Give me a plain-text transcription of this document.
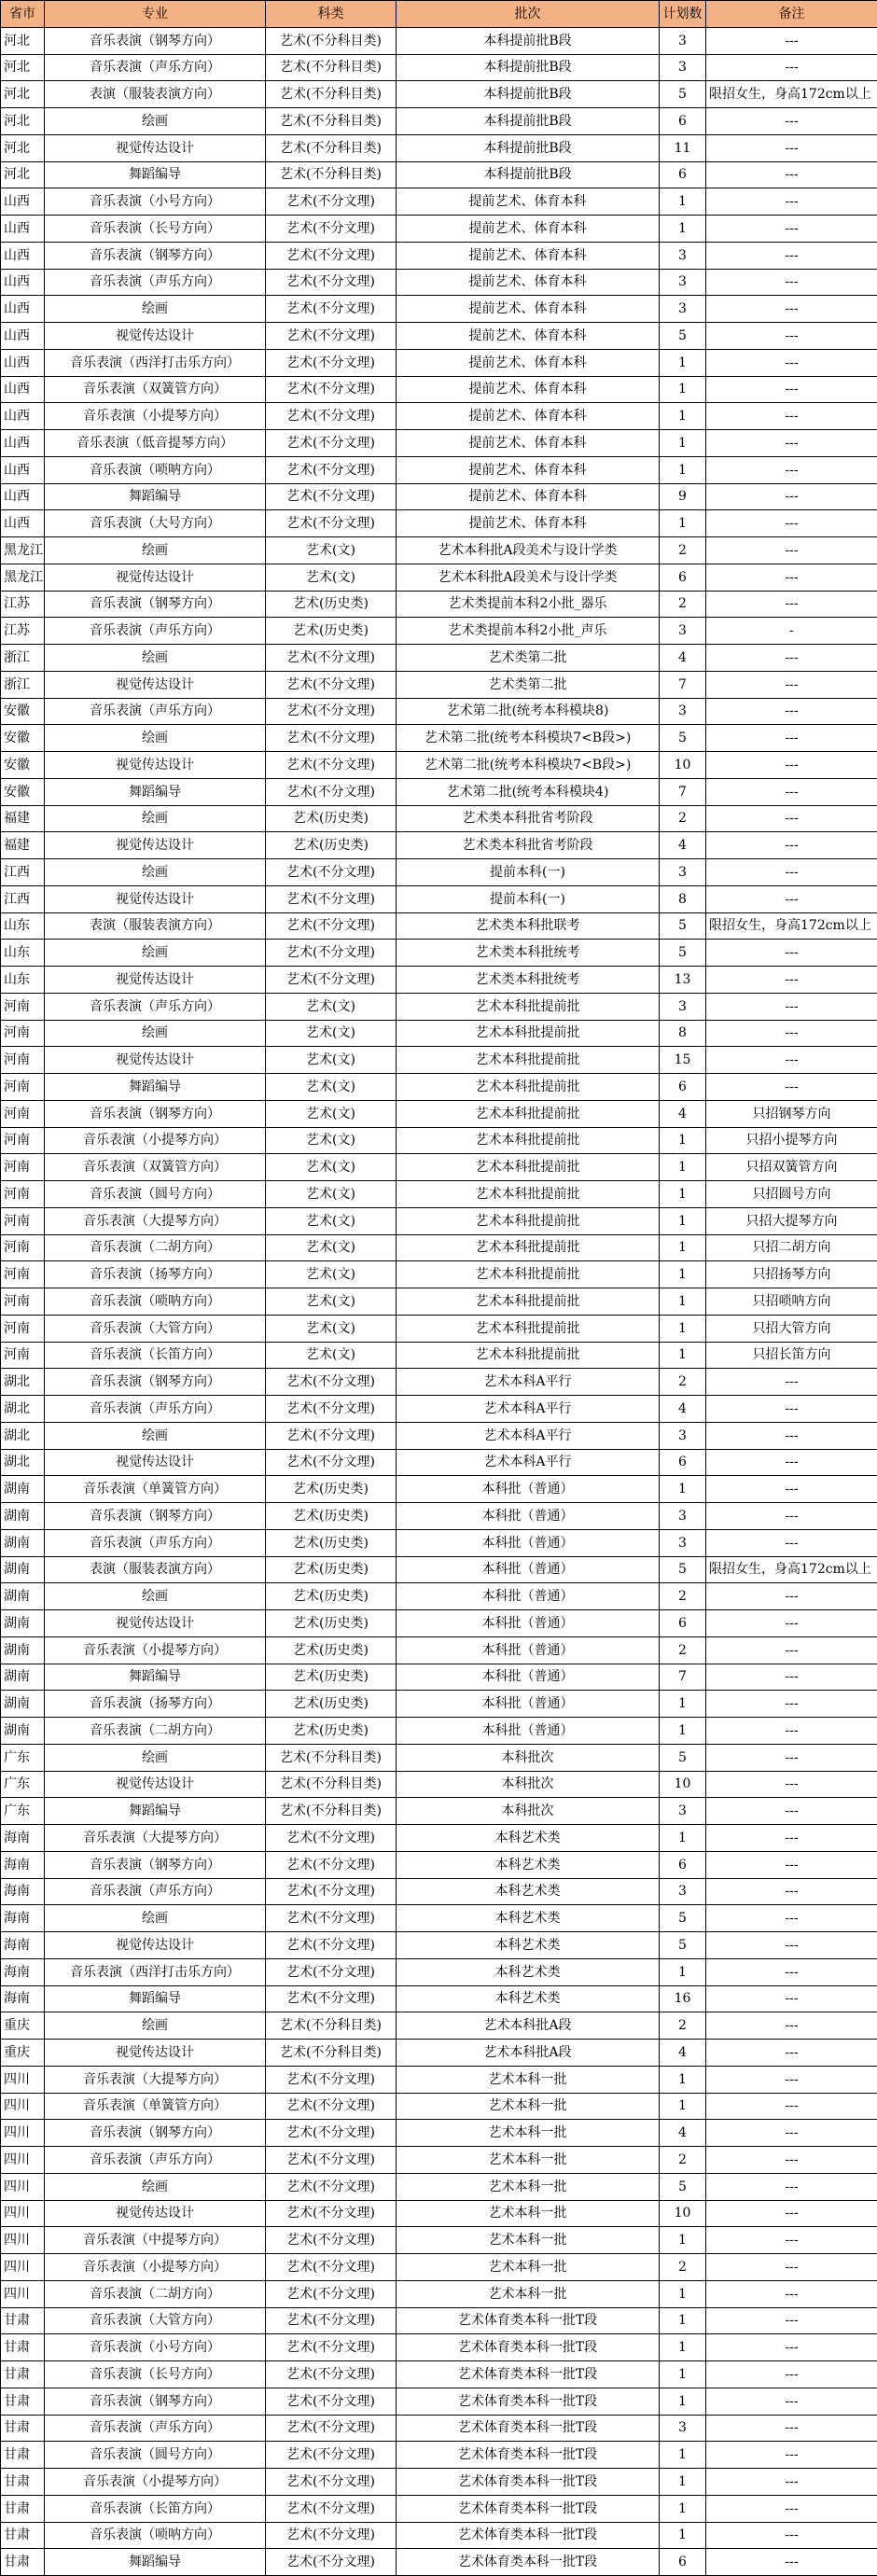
省市	专业	科类	批次	计划数	备注
河北	音乐表演（钢琴方向）	艺术(不分科目类)	本科提前批B段	3	---
河北	音乐表演（声乐方向）	艺术(不分科目类)	本科提前批B段	3	---
河北	表演（服装表演方向）	艺术(不分科目类)	本科提前批B段	5	限招女生，身高172cm以上
河北	绘画	艺术(不分科目类)	本科提前批B段	6	---
河北	视觉传达设计	艺术(不分科目类)	本科提前批B段	11	---
河北	舞蹈编导	艺术(不分科目类)	本科提前批B段	6	---
山西	音乐表演（小号方向）	艺术(不分文理)	提前艺术、体育本科	1	---
山西	音乐表演（长号方向）	艺术(不分文理)	提前艺术、体育本科	1	---
山西	音乐表演（钢琴方向）	艺术(不分文理)	提前艺术、体育本科	3	---
山西	音乐表演（声乐方向）	艺术(不分文理)	提前艺术、体育本科	3	---
山西	绘画	艺术(不分文理)	提前艺术、体育本科	3	---
山西	视觉传达设计	艺术(不分文理)	提前艺术、体育本科	5	---
山西	音乐表演（西洋打击乐方向）	艺术(不分文理)	提前艺术、体育本科	1	---
山西	音乐表演（双簧管方向）	艺术(不分文理)	提前艺术、体育本科	1	---
山西	音乐表演（小提琴方向）	艺术(不分文理)	提前艺术、体育本科	1	---
山西	音乐表演（低音提琴方向）	艺术(不分文理)	提前艺术、体育本科	1	---
山西	音乐表演（唢呐方向）	艺术(不分文理)	提前艺术、体育本科	1	---
山西	舞蹈编导	艺术(不分文理)	提前艺术、体育本科	9	---
山西	音乐表演（大号方向）	艺术(不分文理)	提前艺术、体育本科	1	---
黑龙江	绘画	艺术(文)	艺术本科批A段美术与设计学类	2	---
黑龙江	视觉传达设计	艺术(文)	艺术本科批A段美术与设计学类	6	---
江苏	音乐表演（钢琴方向）	艺术(历史类)	艺术类提前本科2小批_器乐	2	---
江苏	音乐表演（声乐方向）	艺术(历史类)	艺术类提前本科2小批_声乐	3	-
浙江	绘画	艺术(不分文理)	艺术类第二批	4	---
浙江	视觉传达设计	艺术(不分文理)	艺术类第二批	7	---
安徽	音乐表演（声乐方向）	艺术(不分文理)	艺术第二批(统考本科模块8)	3	---
安徽	绘画	艺术(不分文理)	艺术第二批(统考本科模块7<B段>)	5	---
安徽	视觉传达设计	艺术(不分文理)	艺术第二批(统考本科模块7<B段>)	10	---
安徽	舞蹈编导	艺术(不分文理)	艺术第二批(统考本科模块4)	7	---
福建	绘画	艺术(历史类)	艺术类本科批省考阶段	2	---
福建	视觉传达设计	艺术(历史类)	艺术类本科批省考阶段	4	---
江西	绘画	艺术(不分文理)	提前本科(一)	3	---
江西	视觉传达设计	艺术(不分文理)	提前本科(一)	8	---
山东	表演（服装表演方向）	艺术(不分文理)	艺术类本科批联考	5	限招女生，身高172cm以上
山东	绘画	艺术(不分文理)	艺术类本科批统考	5	---
山东	视觉传达设计	艺术(不分文理)	艺术类本科批统考	13	---
河南	音乐表演（声乐方向）	艺术(文)	艺术本科批提前批	3	---
河南	绘画	艺术(文)	艺术本科批提前批	8	---
河南	视觉传达设计	艺术(文)	艺术本科批提前批	15	---
河南	舞蹈编导	艺术(文)	艺术本科批提前批	6	---
河南	音乐表演（钢琴方向）	艺术(文)	艺术本科批提前批	4	只招钢琴方向
河南	音乐表演（小提琴方向）	艺术(文)	艺术本科批提前批	1	只招小提琴方向
河南	音乐表演（双簧管方向）	艺术(文)	艺术本科批提前批	1	只招双簧管方向
河南	音乐表演（圆号方向）	艺术(文)	艺术本科批提前批	1	只招圆号方向
河南	音乐表演（大提琴方向）	艺术(文)	艺术本科批提前批	1	只招大提琴方向
河南	音乐表演（二胡方向）	艺术(文)	艺术本科批提前批	1	只招二胡方向
河南	音乐表演（扬琴方向）	艺术(文)	艺术本科批提前批	1	只招扬琴方向
河南	音乐表演（唢呐方向）	艺术(文)	艺术本科批提前批	1	只招唢呐方向
河南	音乐表演（大管方向）	艺术(文)	艺术本科批提前批	1	只招大管方向
河南	音乐表演（长笛方向）	艺术(文)	艺术本科批提前批	1	只招长笛方向
湖北	音乐表演（钢琴方向）	艺术(不分文理)	艺术本科A平行	2	---
湖北	音乐表演（声乐方向）	艺术(不分文理)	艺术本科A平行	4	---
湖北	绘画	艺术(不分文理)	艺术本科A平行	3	---
湖北	视觉传达设计	艺术(不分文理)	艺术本科A平行	6	---
湖南	音乐表演（单簧管方向）	艺术(历史类)	本科批（普通）	1	---
湖南	音乐表演（钢琴方向）	艺术(历史类)	本科批（普通）	3	---
湖南	音乐表演（声乐方向）	艺术(历史类)	本科批（普通）	3	---
湖南	表演（服装表演方向）	艺术(历史类)	本科批（普通）	5	限招女生，身高172cm以上
湖南	绘画	艺术(历史类)	本科批（普通）	2	---
湖南	视觉传达设计	艺术(历史类)	本科批（普通）	6	---
湖南	音乐表演（小提琴方向）	艺术(历史类)	本科批（普通）	2	---
湖南	舞蹈编导	艺术(历史类)	本科批（普通）	7	---
湖南	音乐表演（扬琴方向）	艺术(历史类)	本科批（普通）	1	---
湖南	音乐表演（二胡方向）	艺术(历史类)	本科批（普通）	1	---
广东	绘画	艺术(不分科目类)	本科批次	5	---
广东	视觉传达设计	艺术(不分科目类)	本科批次	10	---
广东	舞蹈编导	艺术(不分科目类)	本科批次	3	---
海南	音乐表演（大提琴方向）	艺术(不分文理)	本科艺术类	1	---
海南	音乐表演（钢琴方向）	艺术(不分文理)	本科艺术类	6	---
海南	音乐表演（声乐方向）	艺术(不分文理)	本科艺术类	3	---
海南	绘画	艺术(不分文理)	本科艺术类	5	---
海南	视觉传达设计	艺术(不分文理)	本科艺术类	5	---
海南	音乐表演（西洋打击乐方向）	艺术(不分文理)	本科艺术类	1	---
海南	舞蹈编导	艺术(不分文理)	本科艺术类	16	---
重庆	绘画	艺术(不分科目类)	艺术本科批A段	2	---
重庆	视觉传达设计	艺术(不分科目类)	艺术本科批A段	4	---
四川	音乐表演（大提琴方向）	艺术(不分文理)	艺术本科一批	1	---
四川	音乐表演（单簧管方向）	艺术(不分文理)	艺术本科一批	1	---
四川	音乐表演（钢琴方向）	艺术(不分文理)	艺术本科一批	4	---
四川	音乐表演（声乐方向）	艺术(不分文理)	艺术本科一批	2	---
四川	绘画	艺术(不分文理)	艺术本科一批	5	---
四川	视觉传达设计	艺术(不分文理)	艺术本科一批	10	---
四川	音乐表演（中提琴方向）	艺术(不分文理)	艺术本科一批	1	---
四川	音乐表演（小提琴方向）	艺术(不分文理)	艺术本科一批	2	---
四川	音乐表演（二胡方向）	艺术(不分文理)	艺术本科一批	1	---
甘肃	音乐表演（大管方向）	艺术(不分文理)	艺术体育类本科一批T段	1	---
甘肃	音乐表演（小号方向）	艺术(不分文理)	艺术体育类本科一批T段	1	---
甘肃	音乐表演（长号方向）	艺术(不分文理)	艺术体育类本科一批T段	1	---
甘肃	音乐表演（钢琴方向）	艺术(不分文理)	艺术体育类本科一批T段	1	---
甘肃	音乐表演（声乐方向）	艺术(不分文理)	艺术体育类本科一批T段	3	---
甘肃	音乐表演（圆号方向）	艺术(不分文理)	艺术体育类本科一批T段	1	---
甘肃	音乐表演（小提琴方向）	艺术(不分文理)	艺术体育类本科一批T段	1	---
甘肃	音乐表演（长笛方向）	艺术(不分文理)	艺术体育类本科一批T段	1	---
甘肃	音乐表演（唢呐方向）	艺术(不分文理)	艺术体育类本科一批T段	1	---
甘肃	舞蹈编导	艺术(不分文理)	艺术体育类本科一批T段	6	---
